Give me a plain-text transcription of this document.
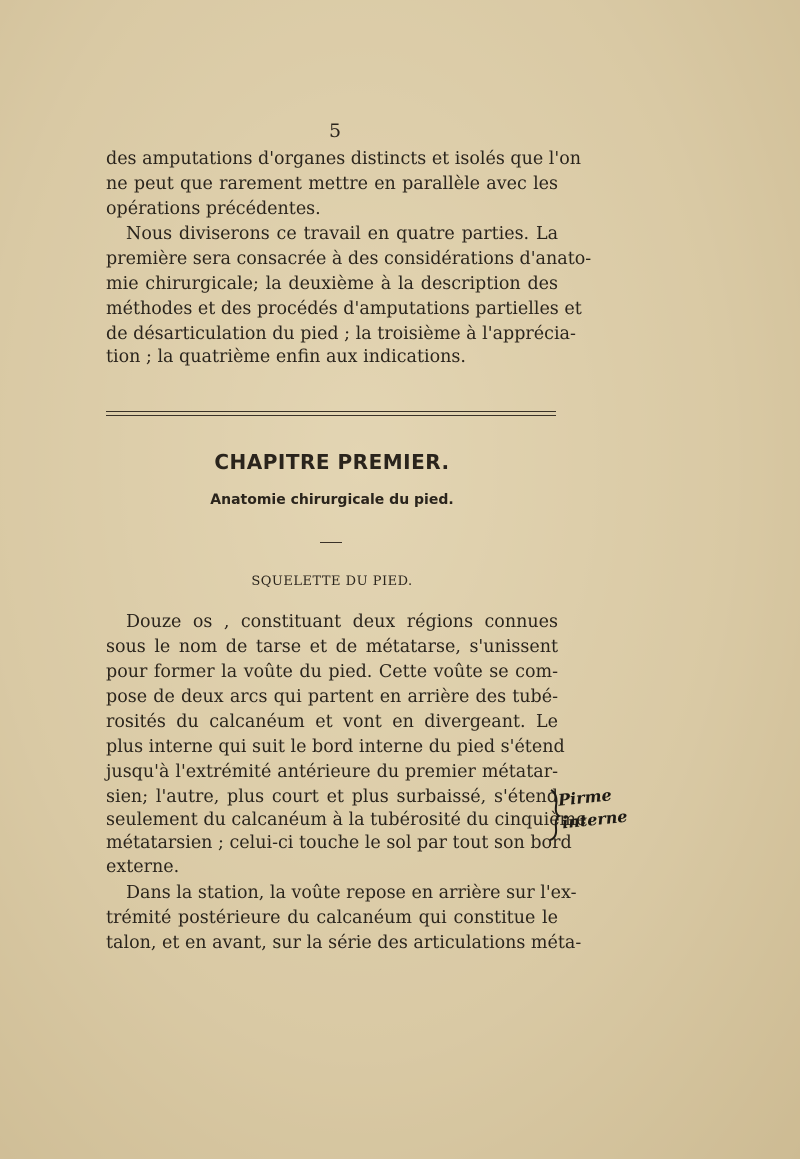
5
des amputations d'organes distincts et isolés que l'on
ne peut que rarement mettre en parallèle avec les
opérations précédentes.
Nous diviserons ce travail en quatre parties. La
première sera consacrée à des considérations d'anato-
mie chirurgicale; la deuxième à la description des
méthodes et des procédés d'amputations partielles et
de désarticulation du pied ; la troisième à l'apprécia-
tion ; la quatrième enfin aux indications.
CHAPITRE PREMIER.
Anatomie chirurgicale du pied.
SQUELETTE DU PIED.
Douze os , constituant deux régions connues
sous le nom de tarse et de métatarse, s'unissent
pour former la voûte du pied. Cette voûte se com-
pose de deux arcs qui partent en arrière des tubé-
rosités du calcanéum et vont en divergeant. Le
plus interne qui suit le bord interne du pied s'étend
jusqu'à l'extrémité antérieure du premier métatar-
sien; l'autre, plus court et plus surbaissé, s'étend
seulement du calcanéum à la tubérosité du cinquième
métatarsien ; celui-ci touche le sol par tout son bord
externe.
Dans la station, la voûte repose en arrière sur l'ex-
trémité postérieure du calcanéum qui constitue le
talon, et en avant, sur la série des articulations méta-
Pirme
interne
